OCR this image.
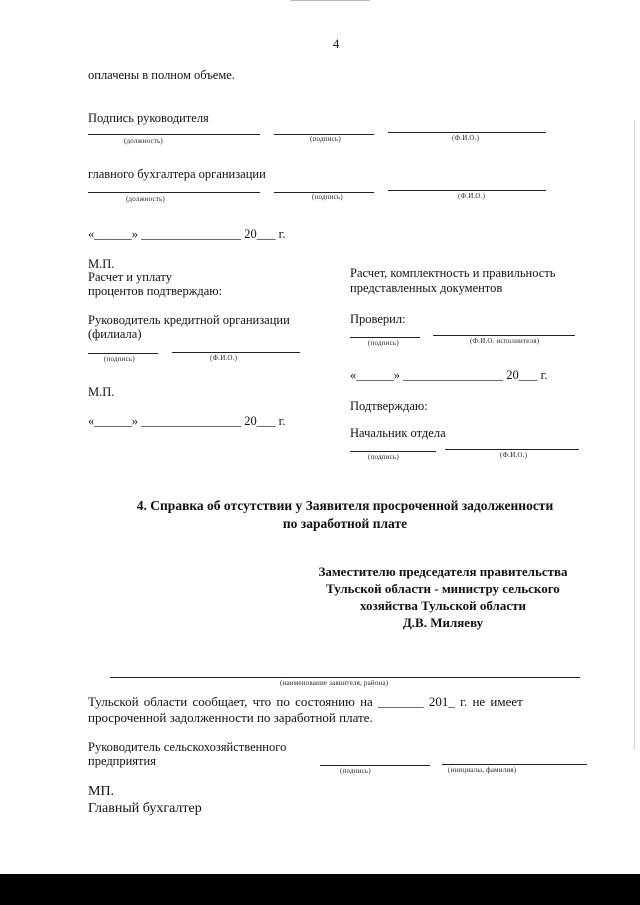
4
оплачены в полном объеме.
Подпись руководителя
(должность)	(подпись)	(Ф.И.О.)
главного бухгалтера организации
(должность)	(подпись)	(Ф.И.О.)
«______» ________________ 20___ г.
М.П.
Расчет и уплату
процентов подтверждаю:
Руководитель кредитной организации
(филиала)
(подпись)	(Ф.И.О.)
М.П.
«______» ________________ 20___ г.
Расчет, комплектность и правильность
представленных документов
Проверил:
(подпись)	(Ф.И.О. исполнителя)
«______» ________________ 20___ г.
Подтверждаю:
Начальник отдела
(подпись)	(Ф.И.О.)
4. Справка об отсутствии у Заявителя просроченной задолженности
по заработной плате
Заместителю председателя правительства
Тульской области - министру сельского
хозяйства Тульской области
Д.В. Миляеву
(наименование заявителя, района)
Тульской области сообщает, что по состоянию на _______ 201_ г. не имеет
просроченной задолженности по заработной плате.
Руководитель сельскохозяйственного
предприятия
(подпись)	(инициалы, фамилия)
МП.
Главный бухгалтер
